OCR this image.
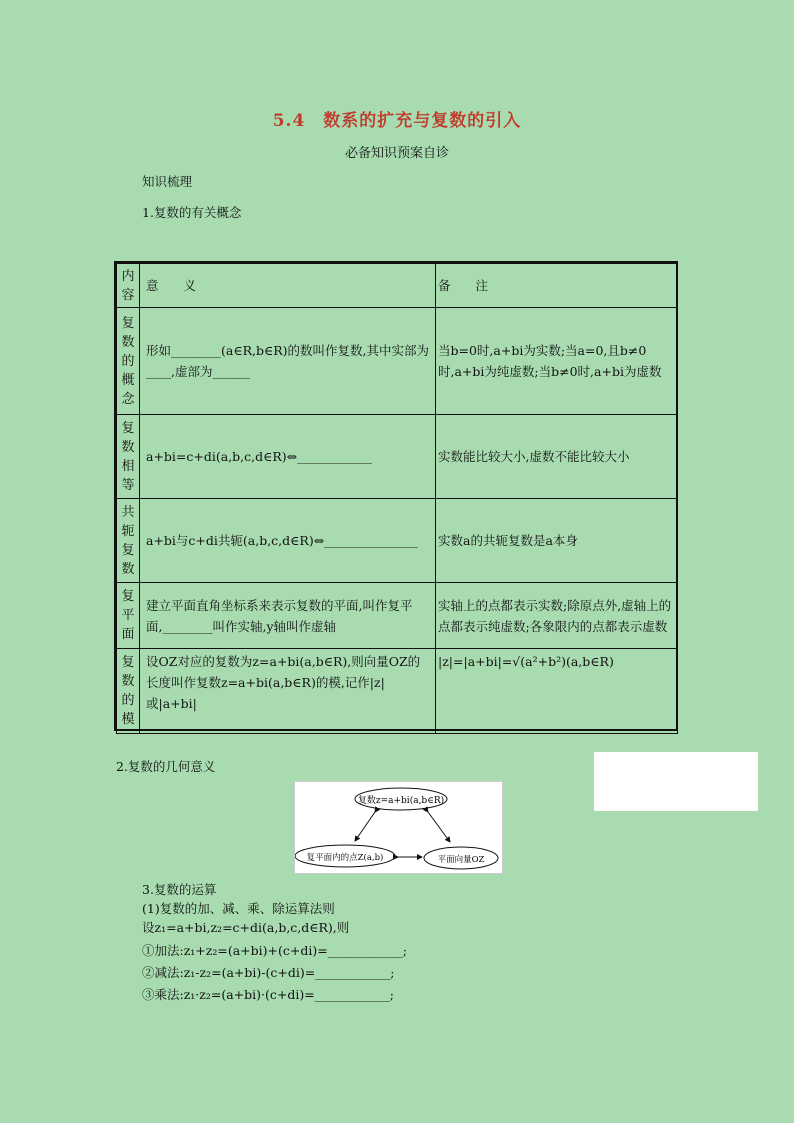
5.4　数系的扩充与复数的引入
必备知识预案自诊
知识梳理
1.复数的有关概念
内
容	意　　义	备　　注

复
数
的
概
念	形如________(a∈R,b∈R)的数叫作复数,其中实部为____,虚部为______	当b=0时,a+bi为实数;当a=0,且b≠0时,a+bi为纯虚数;当b≠0时,a+bi为虚数

复
数
相
等	a+bi=c+di(a,b,c,d∈R)⇔____________	实数能比较大小,虚数不能比较大小

共
轭
复
数	a+bi与c+di共轭(a,b,c,d∈R)⇔_______________	实数a的共轭复数是a本身

复
平
面	建立平面直角坐标系来表示复数的平面,叫作复平面,________叫作实轴,y轴叫作虚轴	实轴上的点都表示实数;除原点外,虚轴上的点都表示纯虚数;各象限内的点都表示虚数

复
数
的
模	设OZ对应的复数为z=a+bi(a,b∈R),则向量OZ的长度叫作复数z=a+bi(a,b∈R)的模,记作|z|或|a+bi|	|z|=|a+bi|=√(a²+b²)(a,b∈R)
2.复数的几何意义
复数z=a+bi(a,b∈R)
复平面内的点Z(a,b)	平面向量OZ
3.复数的运算
(1)复数的加、减、乘、除运算法则
设z₁=a+bi,z₂=c+di(a,b,c,d∈R),则
①加法:z₁+z₂=(a+bi)+(c+di)=____________;
②减法:z₁-z₂=(a+bi)-(c+di)=____________;
③乘法:z₁·z₂=(a+bi)·(c+di)=____________;
